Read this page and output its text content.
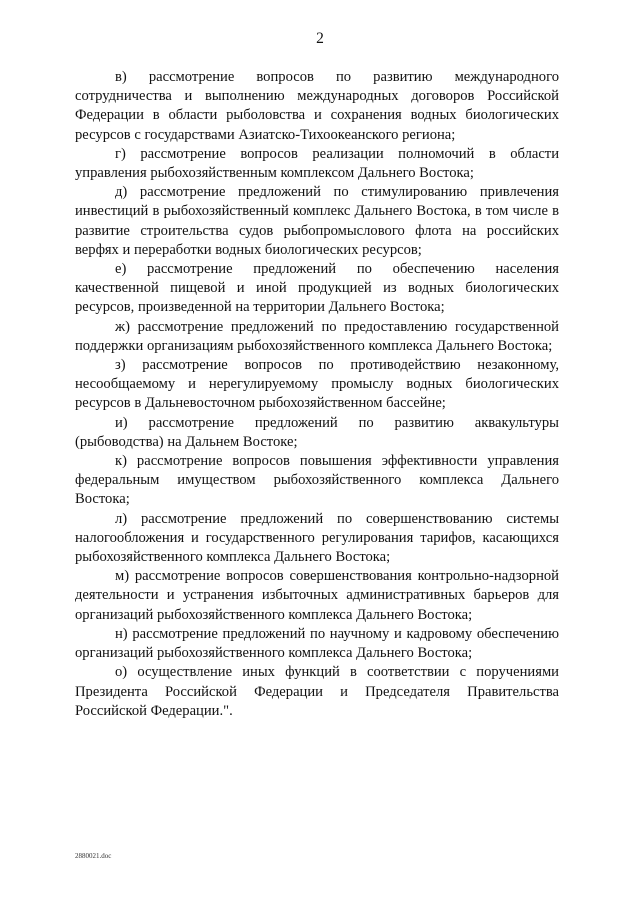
2

в) рассмотрение вопросов по развитию международного сотрудничества и выполнению международных договоров Российской Федерации в области рыболовства и сохранения водных биологических ресурсов с государствами Азиатско-Тихоокеанского региона;

г) рассмотрение вопросов реализации полномочий в области управления рыбохозяйственным комплексом Дальнего Востока;

д) рассмотрение предложений по стимулированию привлечения инвестиций в рыбохозяйственный комплекс Дальнего Востока, в том числе в развитие строительства судов рыбопромыслового флота на российских верфях и переработки водных биологических ресурсов;

е) рассмотрение предложений по обеспечению населения качественной пищевой и иной продукцией из водных биологических ресурсов, произведенной на территории Дальнего Востока;

ж) рассмотрение предложений по предоставлению государственной поддержки организациям рыбохозяйственного комплекса Дальнего Востока;

з) рассмотрение вопросов по противодействию незаконному, несообщаемому и нерегулируемому промыслу водных биологических ресурсов в Дальневосточном рыбохозяйственном бассейне;

и) рассмотрение предложений по развитию аквакультуры (рыбоводства) на Дальнем Востоке;

к) рассмотрение вопросов повышения эффективности управления федеральным имуществом рыбохозяйственного комплекса Дальнего Востока;

л) рассмотрение предложений по совершенствованию системы налогообложения и государственного регулирования тарифов, касающихся рыбохозяйственного комплекса Дальнего Востока;

м) рассмотрение вопросов совершенствования контрольно-надзорной деятельности и устранения избыточных административных барьеров для организаций рыбохозяйственного комплекса Дальнего Востока;

н) рассмотрение предложений по научному и кадровому обеспечению организаций рыбохозяйственного комплекса Дальнего Востока;

о) осуществление иных функций в соответствии с поручениями Президента Российской Федерации и Председателя Правительства Российской Федерации.".

2880021.doc
